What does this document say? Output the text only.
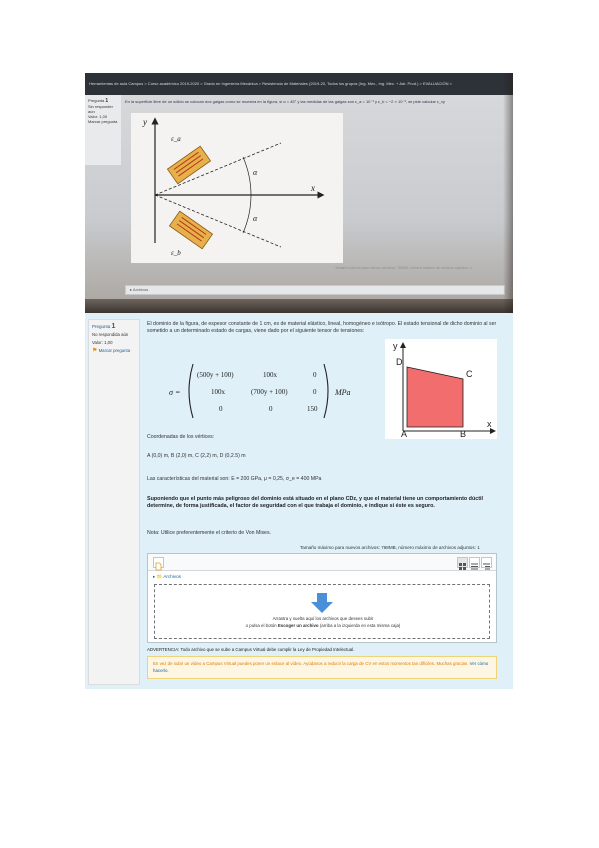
Herramientas de aula Campus > Curso académico 2019-2020 > Grado en Ingeniería Mecánica > Resistencia de Materiales (2019-20, Todos los grupos (Ing. Mec., Ing. Mec. + Adr. Prod.) > EVALUACIÓN >
Pregunta 1
Sin responder aún
Valor: 1,00
Marcar pregunta
En la superficie libre de un sólido se colocan dos galgas como se muestra en la figura, si α = 45° y las medidas de las galgas son ε_a = 10⁻³ y ε_b = −2 × 10⁻³, se pide calcular ε_xy
y
x
α
α
ε_a
ε_b
Tamaño máximo para nuevos archivos: 768MB, número máximo de archivos adjuntos: 1
▸ Archivos
Pregunta 1
No respondida aún
Valor: 1,00
⚑ Marcar pregunta

El dominio de la figura, de espesor constante de 1 cm, es de material elástico, lineal, homogéneo e isótropo. El estado tensional de dicho dominio al ser sometido a un determinado estado de cargas, viene dado por el siguiente tensor de tensiones:

σ =
(500y + 100)	100x	0
100x	(700y + 100)	0
0	0	150
MPa
y
x
A	B
C
D
Coordenadas de los vértices:
A (0,0) m, B (2,0) m, C (2,2) m, D (0,2.5) m
Las características del material son: E = 200 GPa, μ = 0,25, σ_e = 400 MPa
Suponiendo que el punto más peligroso del dominio está situado en el plano CDz, y que el material tiene un comportamiento dúctil determine, de forma justificada, el factor de seguridad con el que trabaja el dominio, e indique si éste es seguro.
Nota: Utilice preferentemente el criterio de Von Mises.
Tamaño máximo para nuevos archivos: 768MB, número máximo de archivos adjuntos: 1
▸ 📁 Archivos
Arrastra y suelta aquí los archivos que desees subir
o pulsa el botón Escoger un archivo (arriba a la izquierda en esta misma caja)
ADVERTENCIA: Todo archivo que se sube a Campus Virtual debe cumplir la Ley de Propiedad Intelectual.
En vez de subir un vídeo a Campus Virtual puedes poner un enlace al vídeo. Ayúdanos a reducir la carga de CV en estos momentos tan difíciles. Muchas gracias. Ver cómo hacerlo.
